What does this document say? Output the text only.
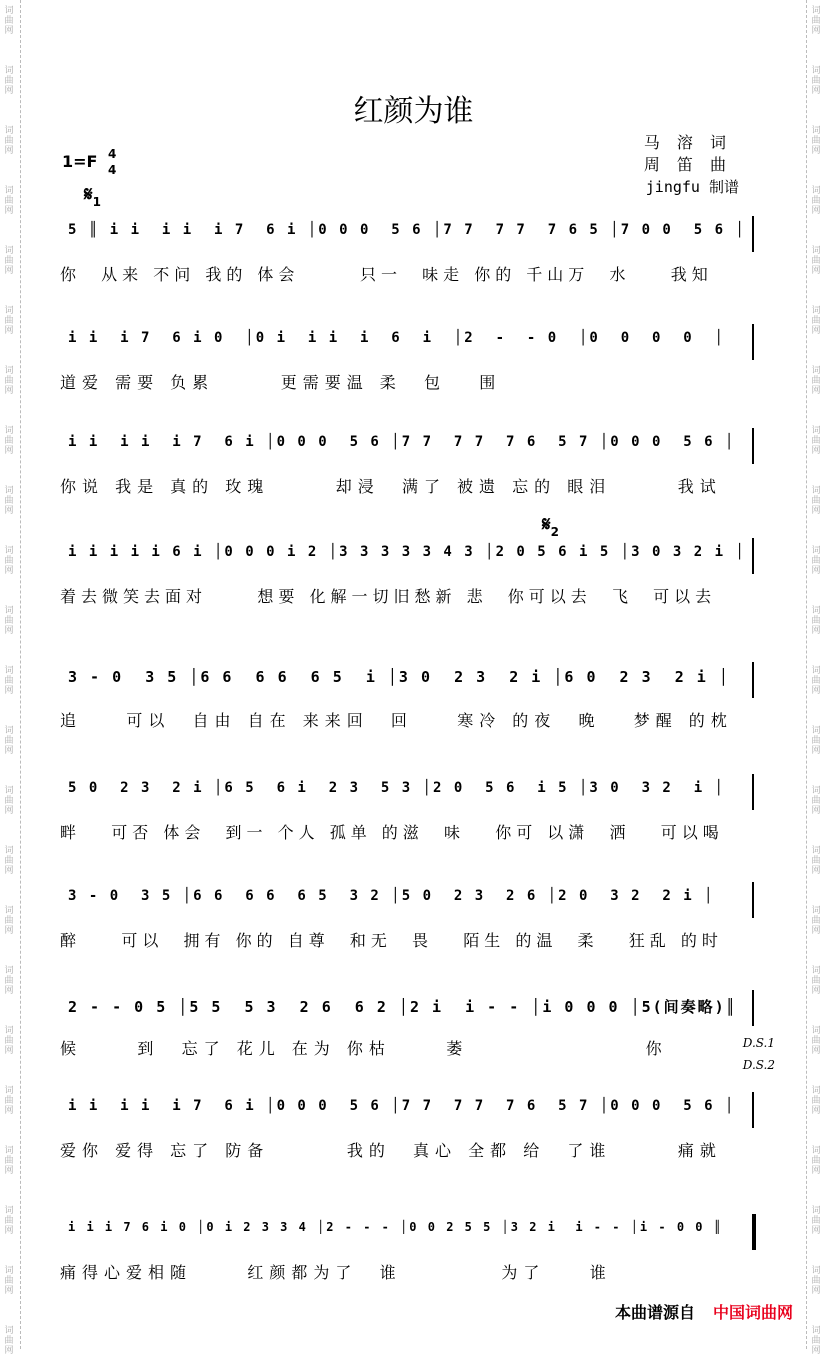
词
曲
网
词
曲
网
词
曲
网
词
曲
网
词
曲
网
词
曲
网
词
曲
网
词
曲
网
词
曲
网
词
曲
网
词
曲
网
词
曲
网
词
曲
网
词
曲
网
词
曲
网
词
曲
网
词
曲
网
词
曲
网
词
曲
网
词
曲
网
词
曲
网
词
曲
网
词
曲
网
词
曲
网
词
曲
网
词
曲
网
词
曲
网
词
曲
网
词
曲
网
词
曲
网
词
曲
网
词
曲
网
词
曲
网
词
曲
网
词
曲
网
词
曲
网
词
曲
网
词
曲
网
词
曲
网
词
曲
网
词
曲
网
词
曲
网
词
曲
网
词
曲
网
词
曲
网
词
曲
网
红颜为谁
马 溶 词
周 笛 曲
jingfu 制谱
1=F 4
4
$𝄋_1$
$𝄋_2$
5 ║ i i  i i  i 7  6 i │0 0 0  5 6 │7 7  7 7  7 6 5 │7 0 0  5 6 │
你  从来 不问 我的 体会      只一  味走 你的 千山万  水    我知
i i  i 7  6 i 0  │0 i  i i  i  6  i  │2  -  - 0  │0  0  0  0  │
道爱 需要 负累      更需要温 柔  包   围
i i  i i  i 7  6 i │0 0 0  5 6 │7 7  7 7  7 6  5 7 │0 0 0  5 6 │
你说 我是 真的 玫瑰      却浸  满了 被遗 忘的 眼泪      我试
i i i i i 6 i │0 0 0 i 2 │3 3 3 3 3 4 3 │2 0 5 6 i 5 │3 0 3 2 i │
着去微笑去面对     想要 化解一切旧愁新 悲  你可以去  飞  可以去
3 - 0  3 5 │6 6  6 6  6 5  i │3 0  2 3  2 i │6 0  2 3  2 i │
追    可以  自由 自在 来来回  回    寒冷 的夜  晚   梦醒 的枕
5 0  2 3  2 i │6 5  6 i  2 3  5 3 │2 0  5 6  i 5 │3 0  3 2  i │
畔   可否 体会  到一 个人 孤单 的滋  味   你可 以潇  洒   可以喝
3 - 0  3 5 │6 6  6 6  6 5  3 2 │5 0  2 3  2 6 │2 0  3 2  2 i │
醉    可以  拥有 你的 自尊  和无  畏   陌生 的温  柔   狂乱 的时
2 - - 0 5 │5 5  5 3  2 6  6 2 │2 i  i - - │i 0 0 0 │5(间奏略)║
候     到  忘了 花儿 在为 你枯     萎                你
i i  i i  i 7  6 i │0 0 0  5 6 │7 7  7 7  7 6  5 7 │0 0 0  5 6 │
爱你 爱得 忘了 防备       我的  真心 全都 给  了谁      痛就
i i i 7 6 i 0 │0 i 2 3 3 4 │2 - - - │0 0 2 5 5 │3 2 i  i - - │i - 0 0 ║
痛得心爱相随     红颜都为了  谁         为了    谁
D.S.1
D.S.2
本曲谱源自 中国词曲网
